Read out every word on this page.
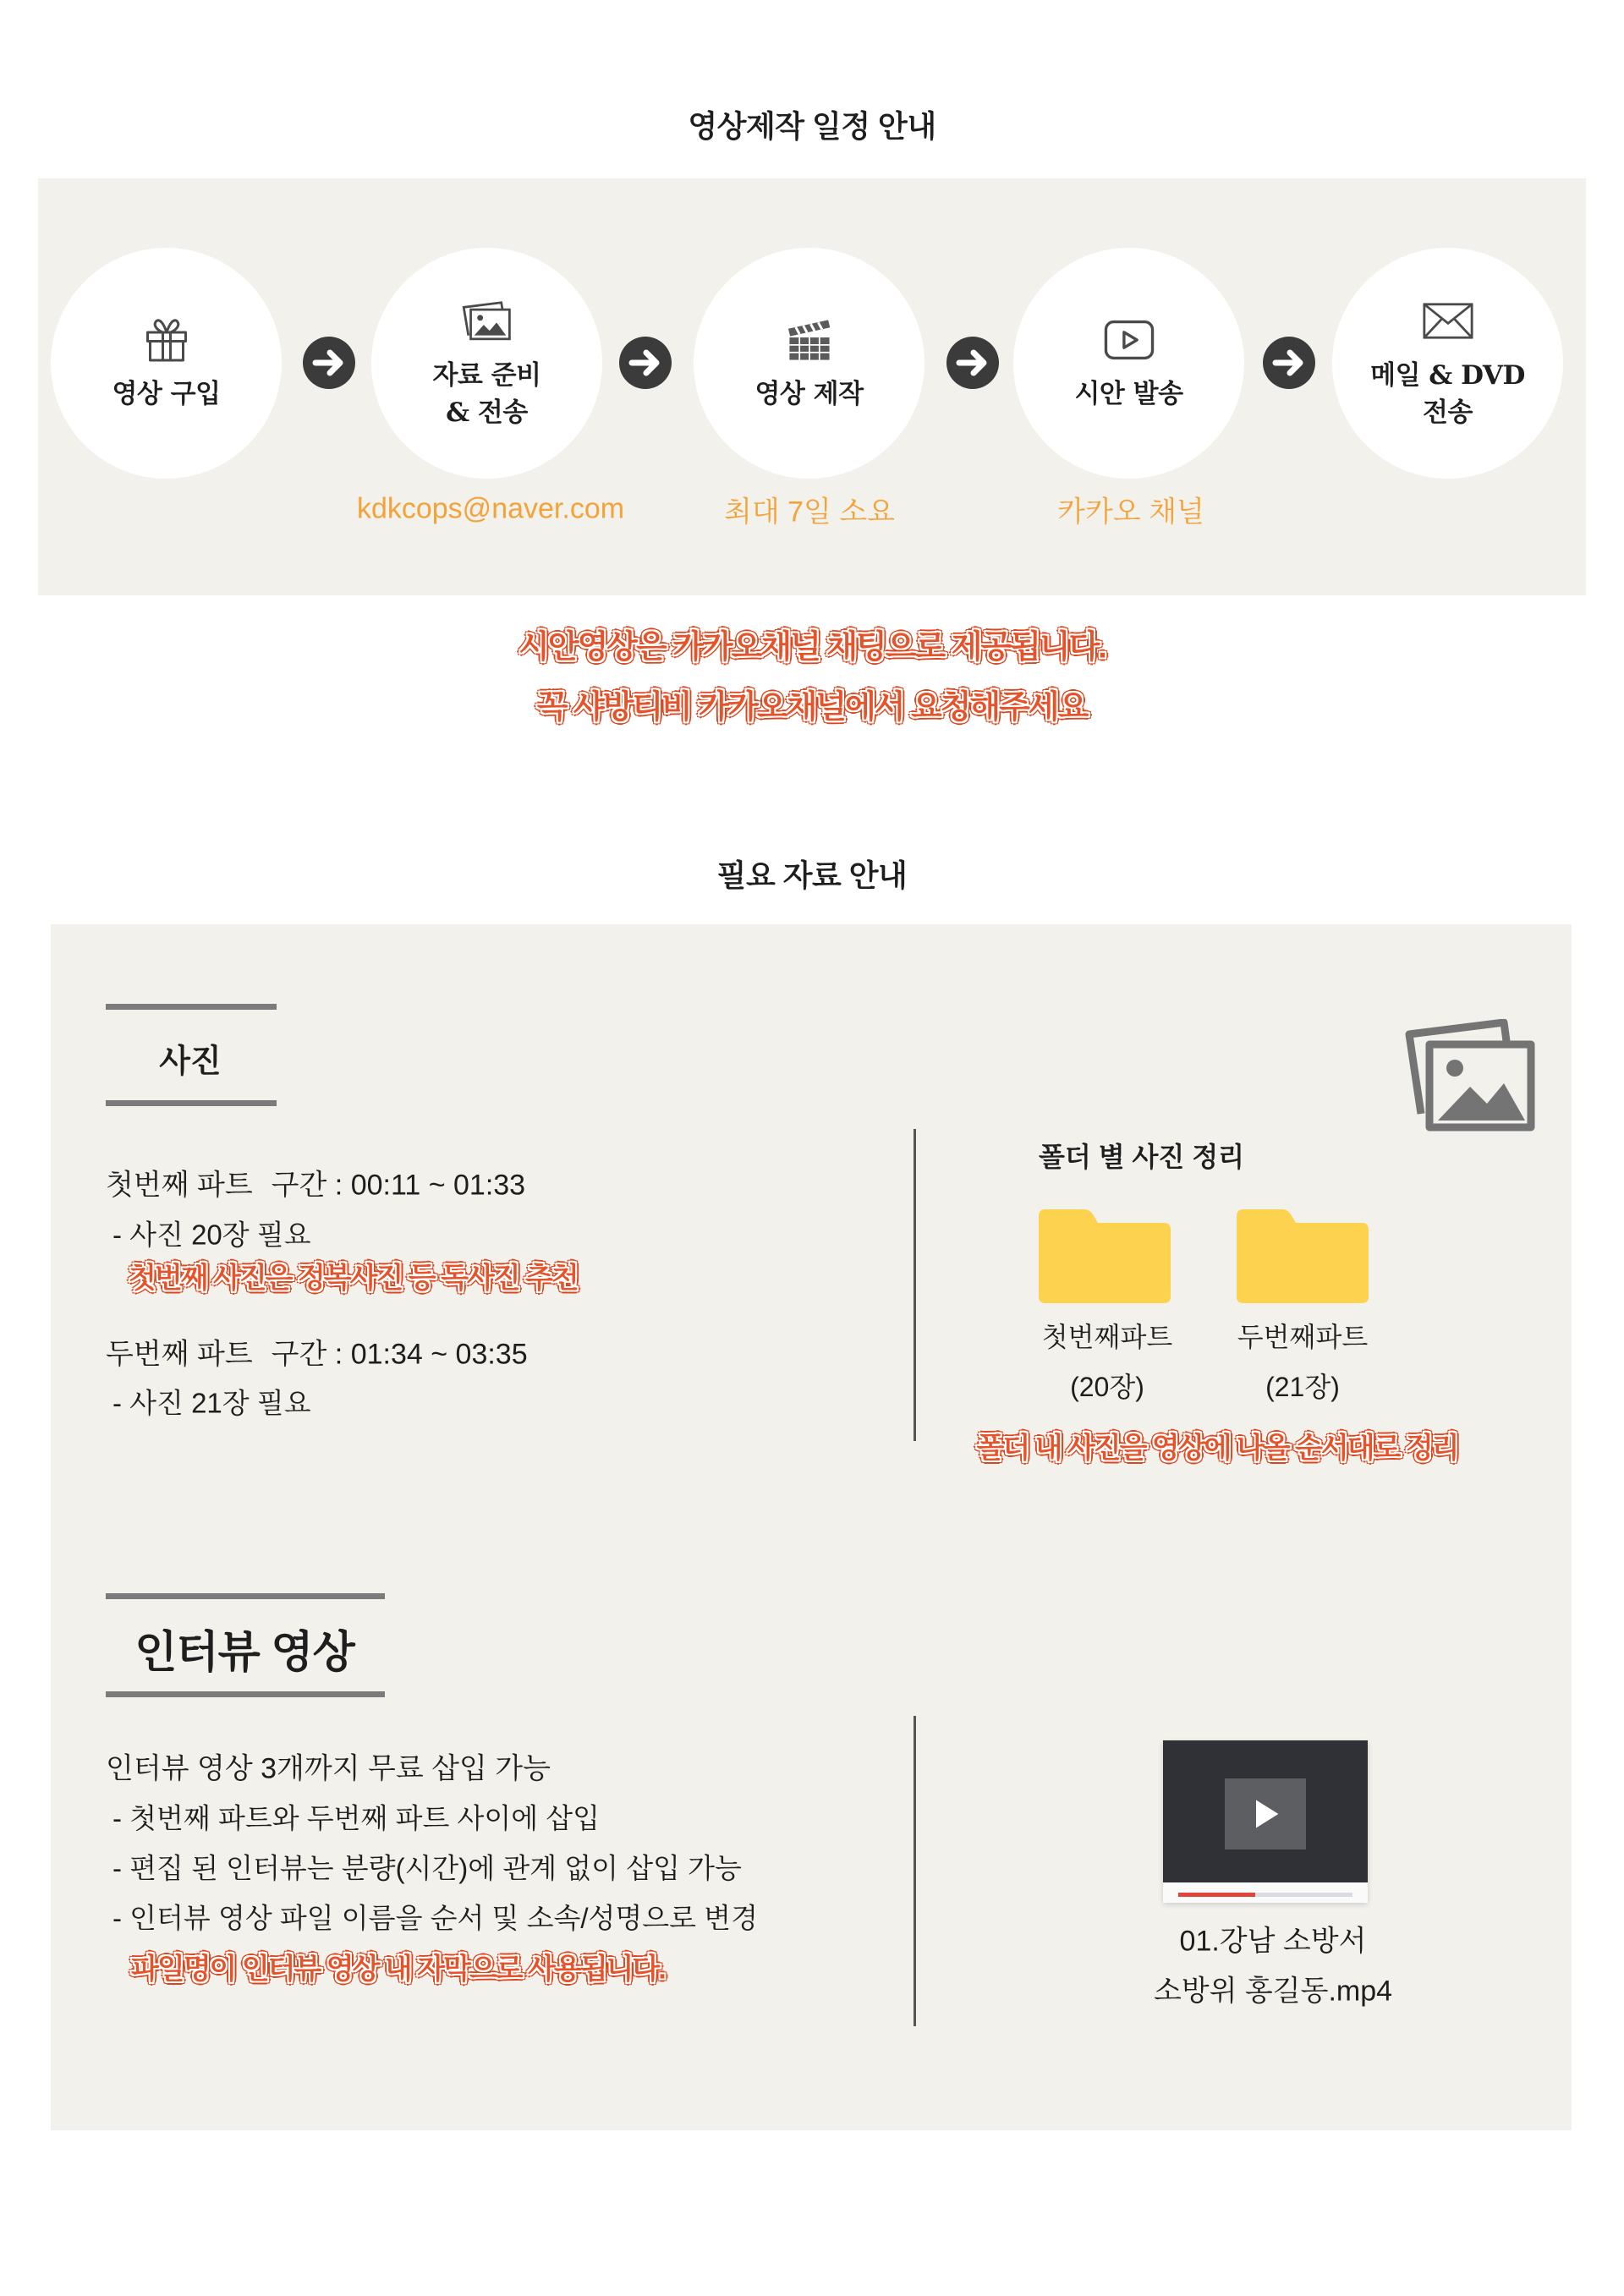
영상제작 일정 안내
영상 구입
자료 준비
& 전송
영상 제작	시안 발송
메일 & DVD
전송
kdkcops@naver.com	최대 7일 소요	카카오 채널
시안영상은 카카오채널 채팅으로 제공됩니다.
꼭 샤방티비 카카오채널에서 요청해주세요
필요 자료 안내
사진
첫번째 파트 구간 : 00:11 ~ 01:33
- 사진 20장 필요
첫번째 사진은 정복사진 등 독사진 추천
두번째 파트 구간 : 01:34 ~ 03:35
- 사진 21장 필요
폴더 별 사진 정리
첫번째파트
(20장)
두번째파트
(21장)
폴더 내 사진을 영상에 나올 순서대로 정리
인터뷰 영상
인터뷰 영상 3개까지 무료 삽입 가능
- 첫번째 파트와 두번째 파트 사이에 삽입
- 편집 된 인터뷰는 분량(시간)에 관계 없이 삽입 가능
- 인터뷰 영상 파일 이름을 순서 및 소속/성명으로 변경
파일명이 인터뷰 영상 내 자막으로 사용됩니다.
01.강남 소방서
소방위 홍길동.mp4
